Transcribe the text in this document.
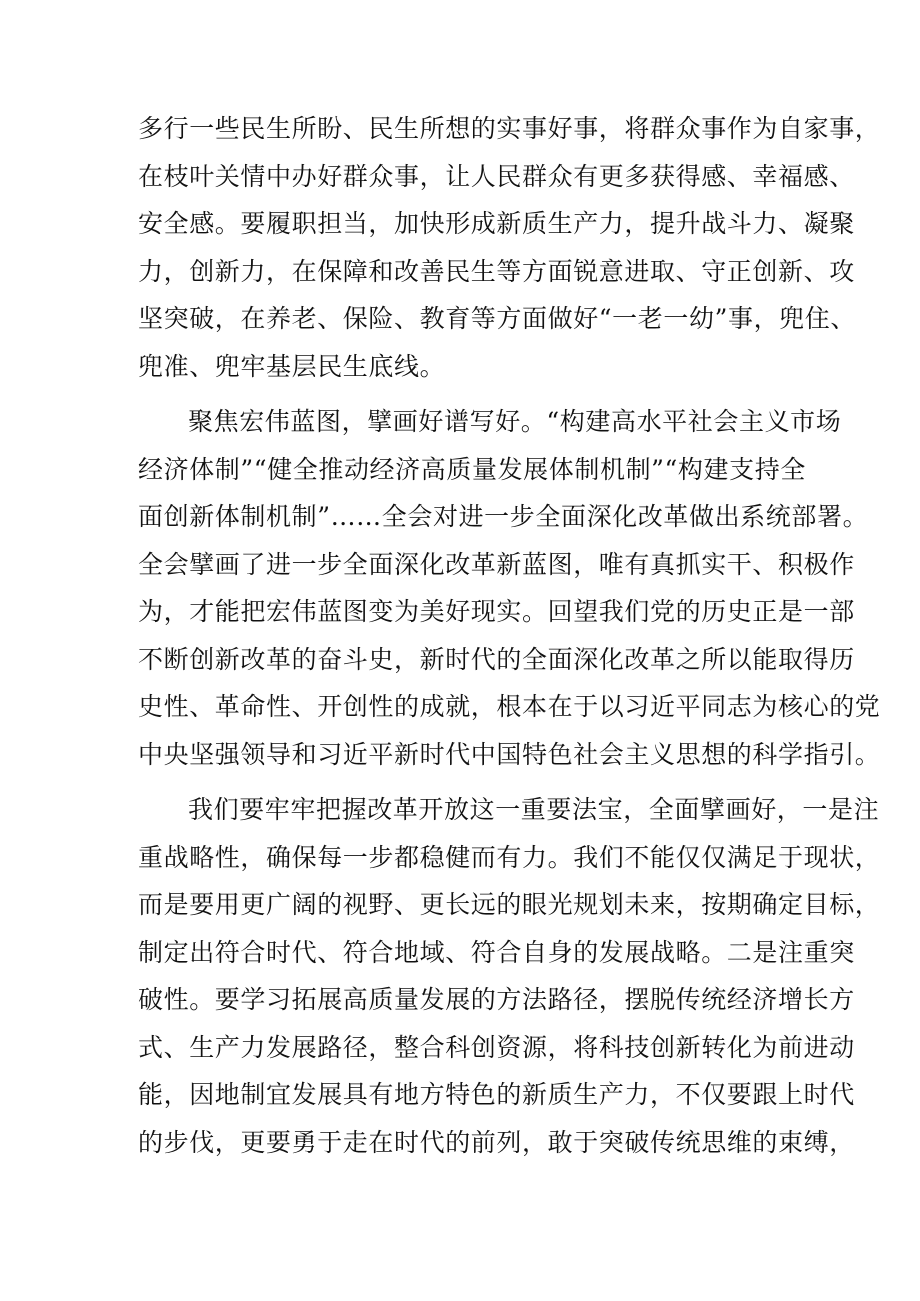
多行一些民生所盼、民生所想的实事好事，将群众事作为自家事，
在枝叶关情中办好群众事，让人民群众有更多获得感、幸福感、
安全感。要履职担当，加快形成新质生产力，提升战斗力、凝聚
力，创新力，在保障和改善民生等方面锐意进取、守正创新、攻
坚突破，在养老、保险、教育等方面做好“一老一幼”事，兜住、
兜准、兜牢基层民生底线。
聚焦宏伟蓝图，擘画好谱写好。“构建高水平社会主义市场
经济体制”“健全推动经济高质量发展体制机制”“构建支持全
面创新体制机制”……全会对进一步全面深化改革做出系统部署。
全会擘画了进一步全面深化改革新蓝图，唯有真抓实干、积极作
为，才能把宏伟蓝图变为美好现实。回望我们党的历史正是一部
不断创新改革的奋斗史，新时代的全面深化改革之所以能取得历
史性、革命性、开创性的成就，根本在于以习近平同志为核心的党
中央坚强领导和习近平新时代中国特色社会主义思想的科学指引。
我们要牢牢把握改革开放这一重要法宝，全面擘画好，一是注
重战略性，确保每一步都稳健而有力。我们不能仅仅满足于现状，
而是要用更广阔的视野、更长远的眼光规划未来，按期确定目标，
制定出符合时代、符合地域、符合自身的发展战略。二是注重突
破性。要学习拓展高质量发展的方法路径，摆脱传统经济增长方
式、生产力发展路径，整合科创资源，将科技创新转化为前进动
能，因地制宜发展具有地方特色的新质生产力，不仅要跟上时代
的步伐，更要勇于走在时代的前列，敢于突破传统思维的束缚，
